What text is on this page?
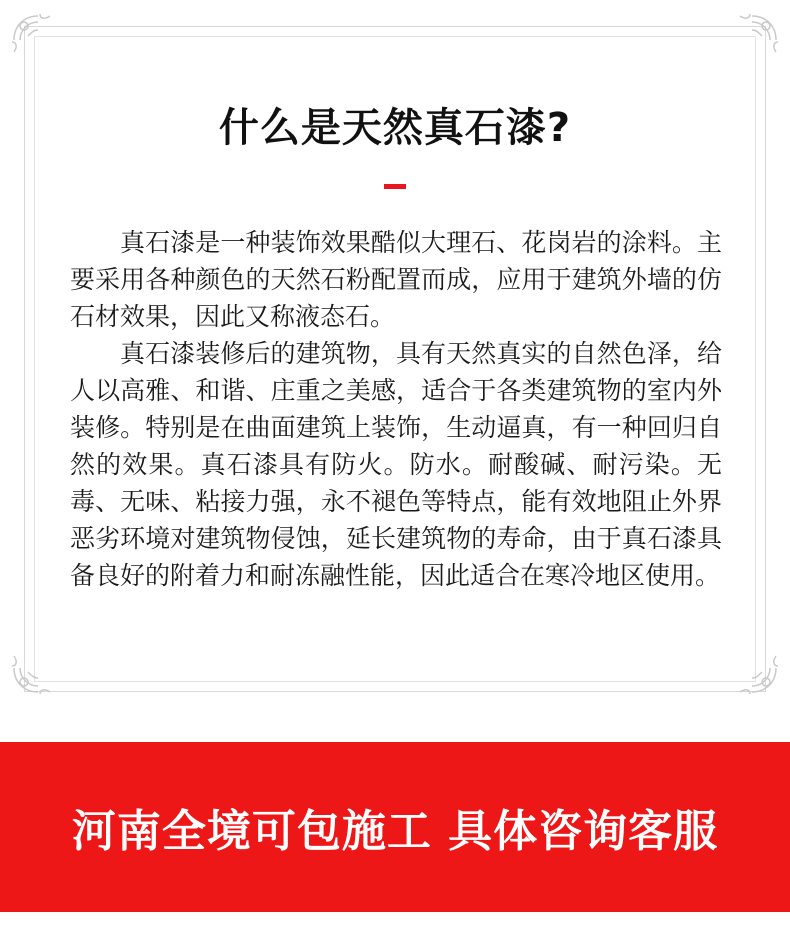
什么是天然真石漆?

真石漆是一种装饰效果酷似大理石、花岗岩的涂料。主要采用各种颜色的天然石粉配置而成，应用于建筑外墙的仿石材效果，因此又称液态石。

真石漆装修后的建筑物，具有天然真实的自然色泽，给人以高雅、和谐、庄重之美感，适合于各类建筑物的室内外装修。特别是在曲面建筑上装饰，生动逼真，有一种回归自然的效果。真石漆具有防火。防水。耐酸碱、耐污染。无毒、无味、粘接力强，永不褪色等特点，能有效地阻止外界恶劣环境对建筑物侵蚀，延长建筑物的寿命，由于真石漆具备良好的附着力和耐冻融性能，因此适合在寒冷地区使用。

河南全境可包施工 具体咨询客服
